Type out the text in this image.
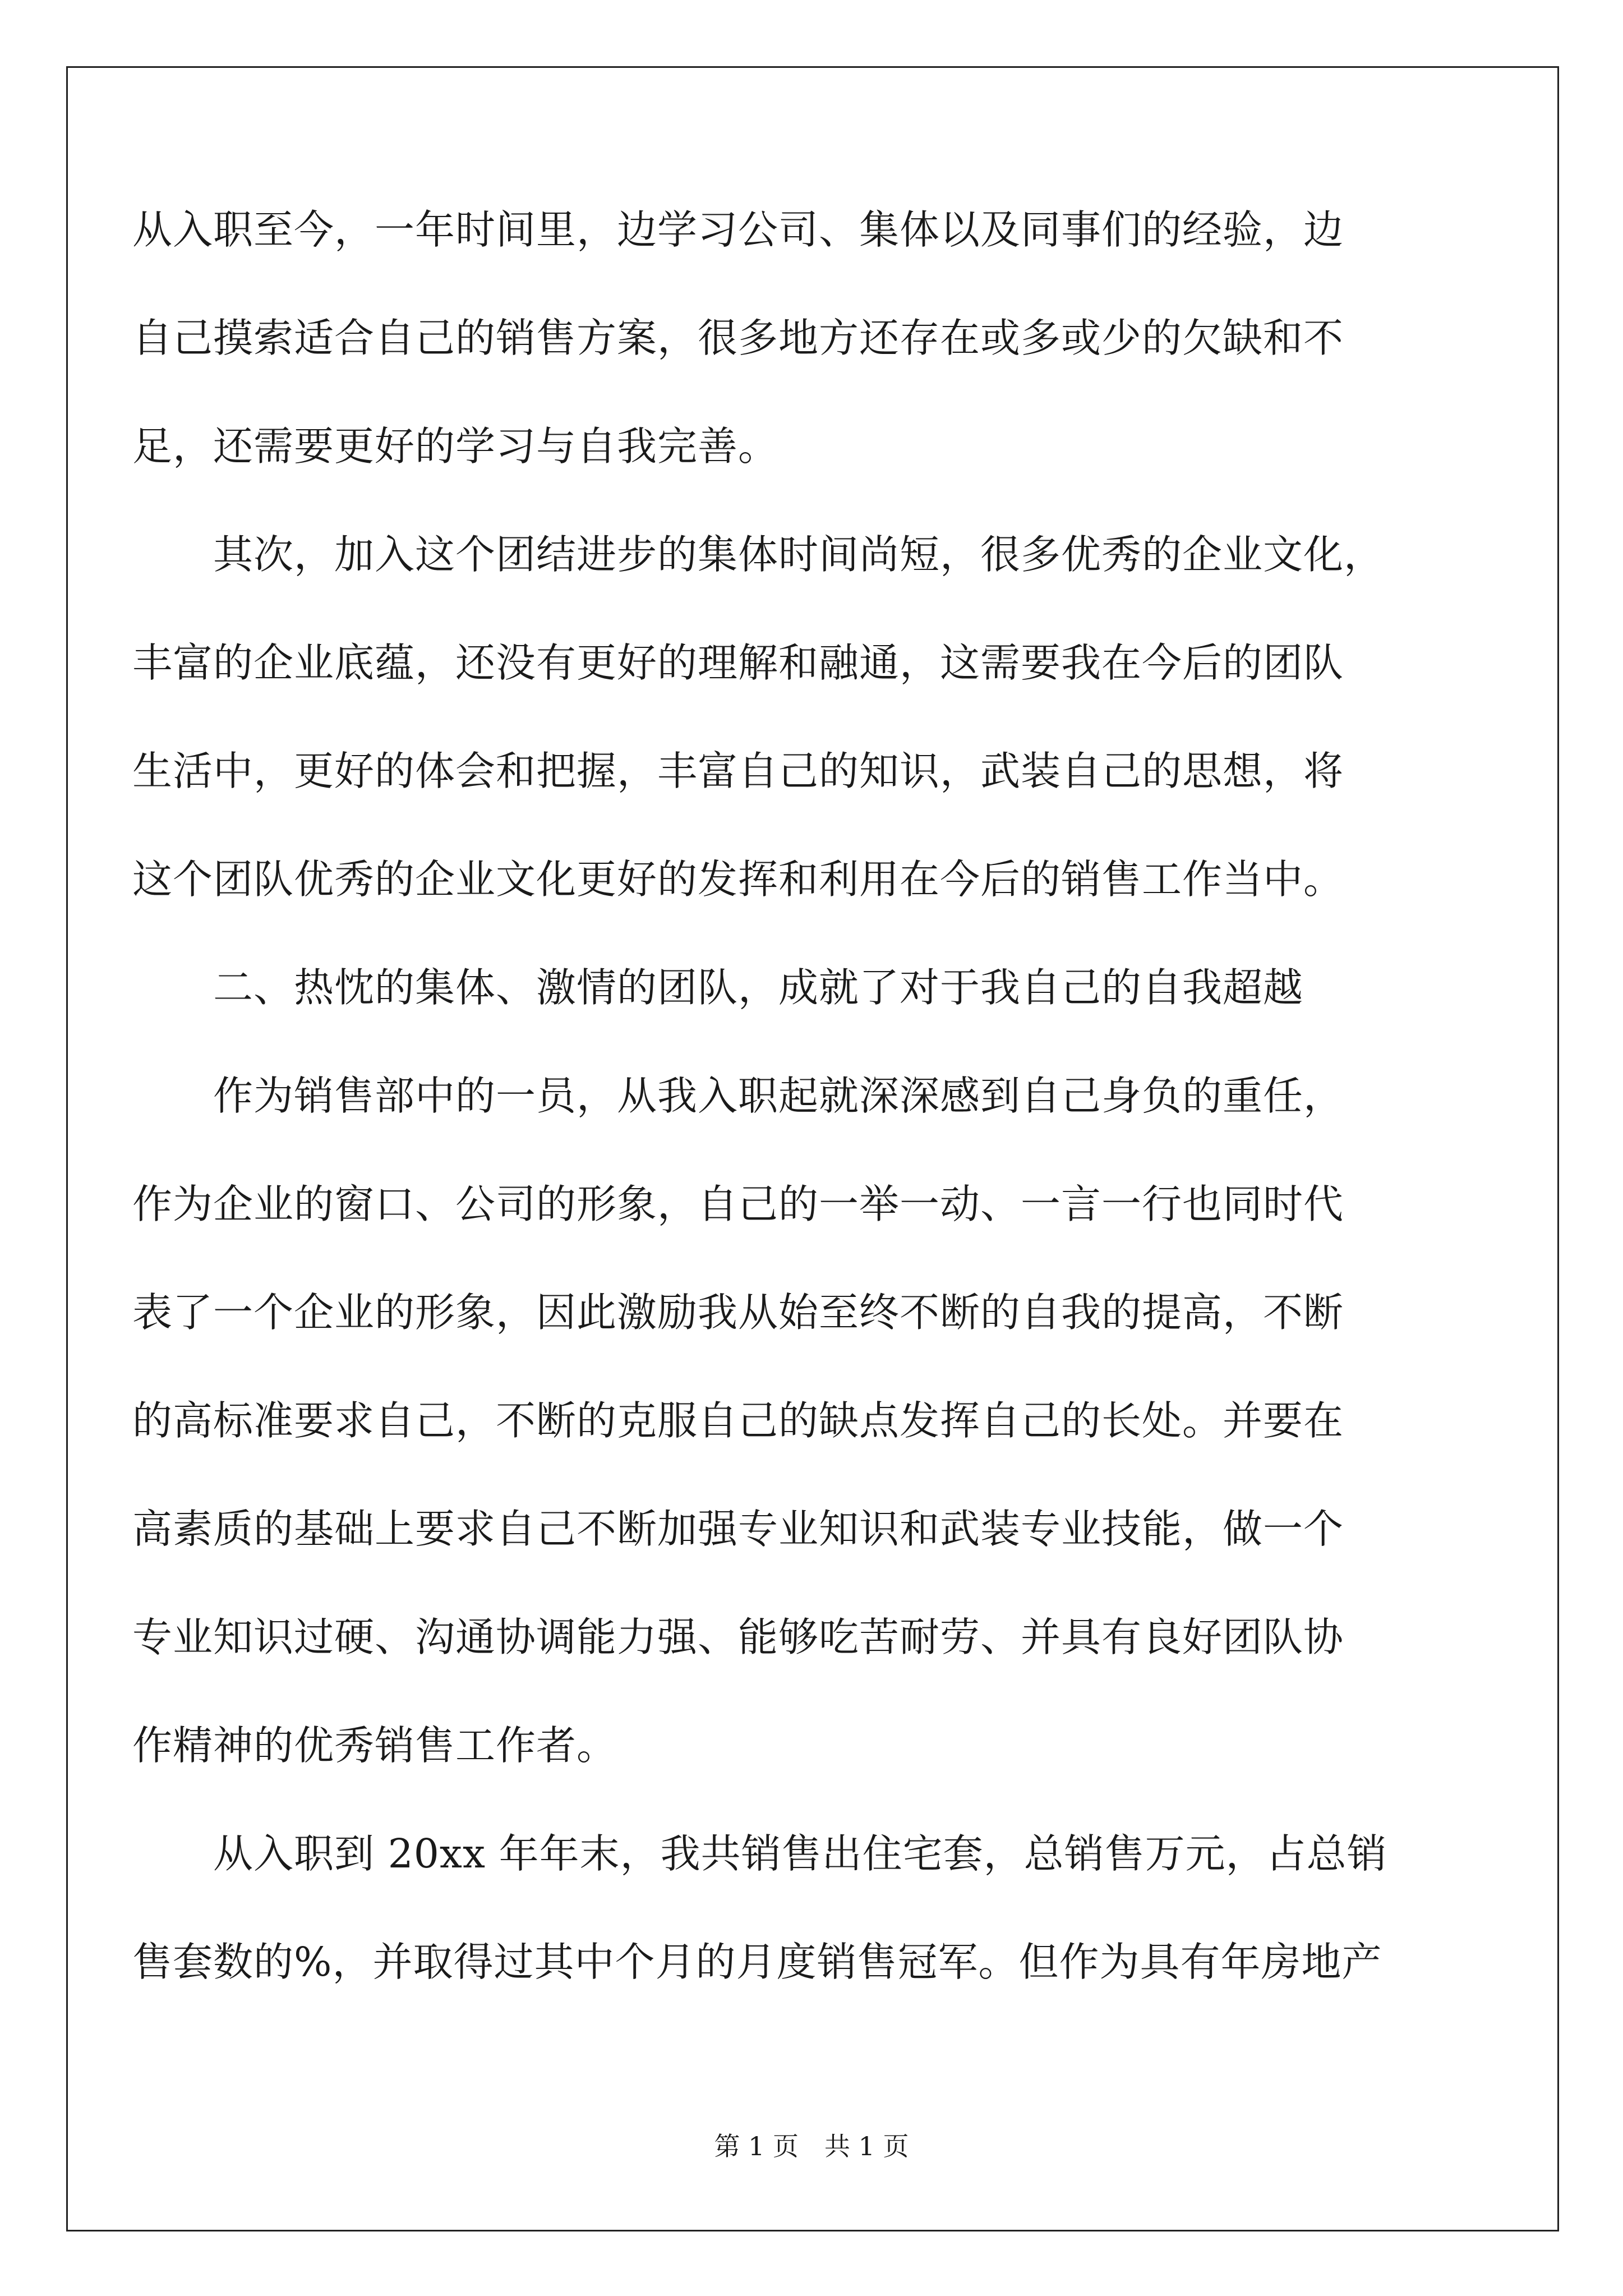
从入职至今，一年时间里，边学习公司、集体以及同事们的经验，边
自己摸索适合自己的销售方案，很多地方还存在或多或少的欠缺和不
足，还需要更好的学习与自我完善。
　　其次，加入这个团结进步的集体时间尚短，很多优秀的企业文化，
丰富的企业底蕴，还没有更好的理解和融通，这需要我在今后的团队
生活中，更好的体会和把握，丰富自己的知识，武装自己的思想，将
这个团队优秀的企业文化更好的发挥和利用在今后的销售工作当中。
　　二、热忱的集体、激情的团队，成就了对于我自己的自我超越
　　作为销售部中的一员，从我入职起就深深感到自己身负的重任，
作为企业的窗口、公司的形象，自己的一举一动、一言一行也同时代
表了一个企业的形象，因此激励我从始至终不断的自我的提高，不断
的高标准要求自己，不断的克服自己的缺点发挥自己的长处。并要在
高素质的基础上要求自己不断加强专业知识和武装专业技能，做一个
专业知识过硬、沟通协调能力强、能够吃苦耐劳、并具有良好团队协
作精神的优秀销售工作者。
　　从入职到 20xx 年年末，我共销售出住宅套，总销售万元，占总销
售套数的%，并取得过其中个月的月度销售冠军。但作为具有年房地产
第 1 页　共 1 页
